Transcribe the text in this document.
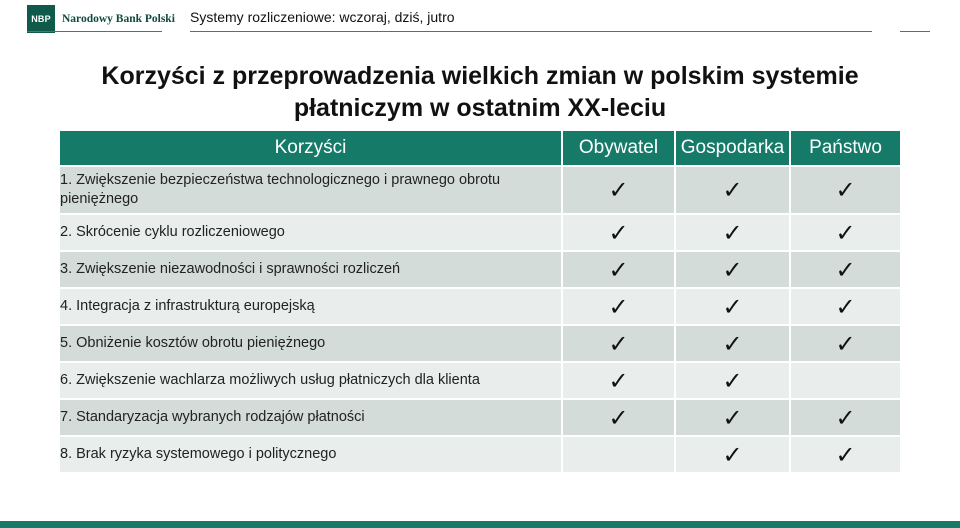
NBP Narodowy Bank Polski Systemy rozliczeniowe: wczoraj, dziś, jutro
Korzyści z przeprowadzenia wielkich zmian w polskim systemie
płatniczym w ostatnim XX-leciu
Korzyści	Obywatel	Gospodarka	Państwo
1. Zwiększenie bezpieczeństwa technologicznego i prawnego obrotu pieniężnego	✓	✓	✓
2. Skrócenie cyklu rozliczeniowego	✓	✓	✓
3. Zwiększenie niezawodności i sprawności rozliczeń	✓	✓	✓
4. Integracja z infrastrukturą europejską	✓	✓	✓
5. Obniżenie kosztów obrotu pieniężnego	✓	✓	✓
6. Zwiększenie wachlarza możliwych usług płatniczych dla klienta	✓	✓	
7. Standaryzacja wybranych rodzajów płatności	✓	✓	✓
8. Brak ryzyka systemowego i politycznego		✓	✓
